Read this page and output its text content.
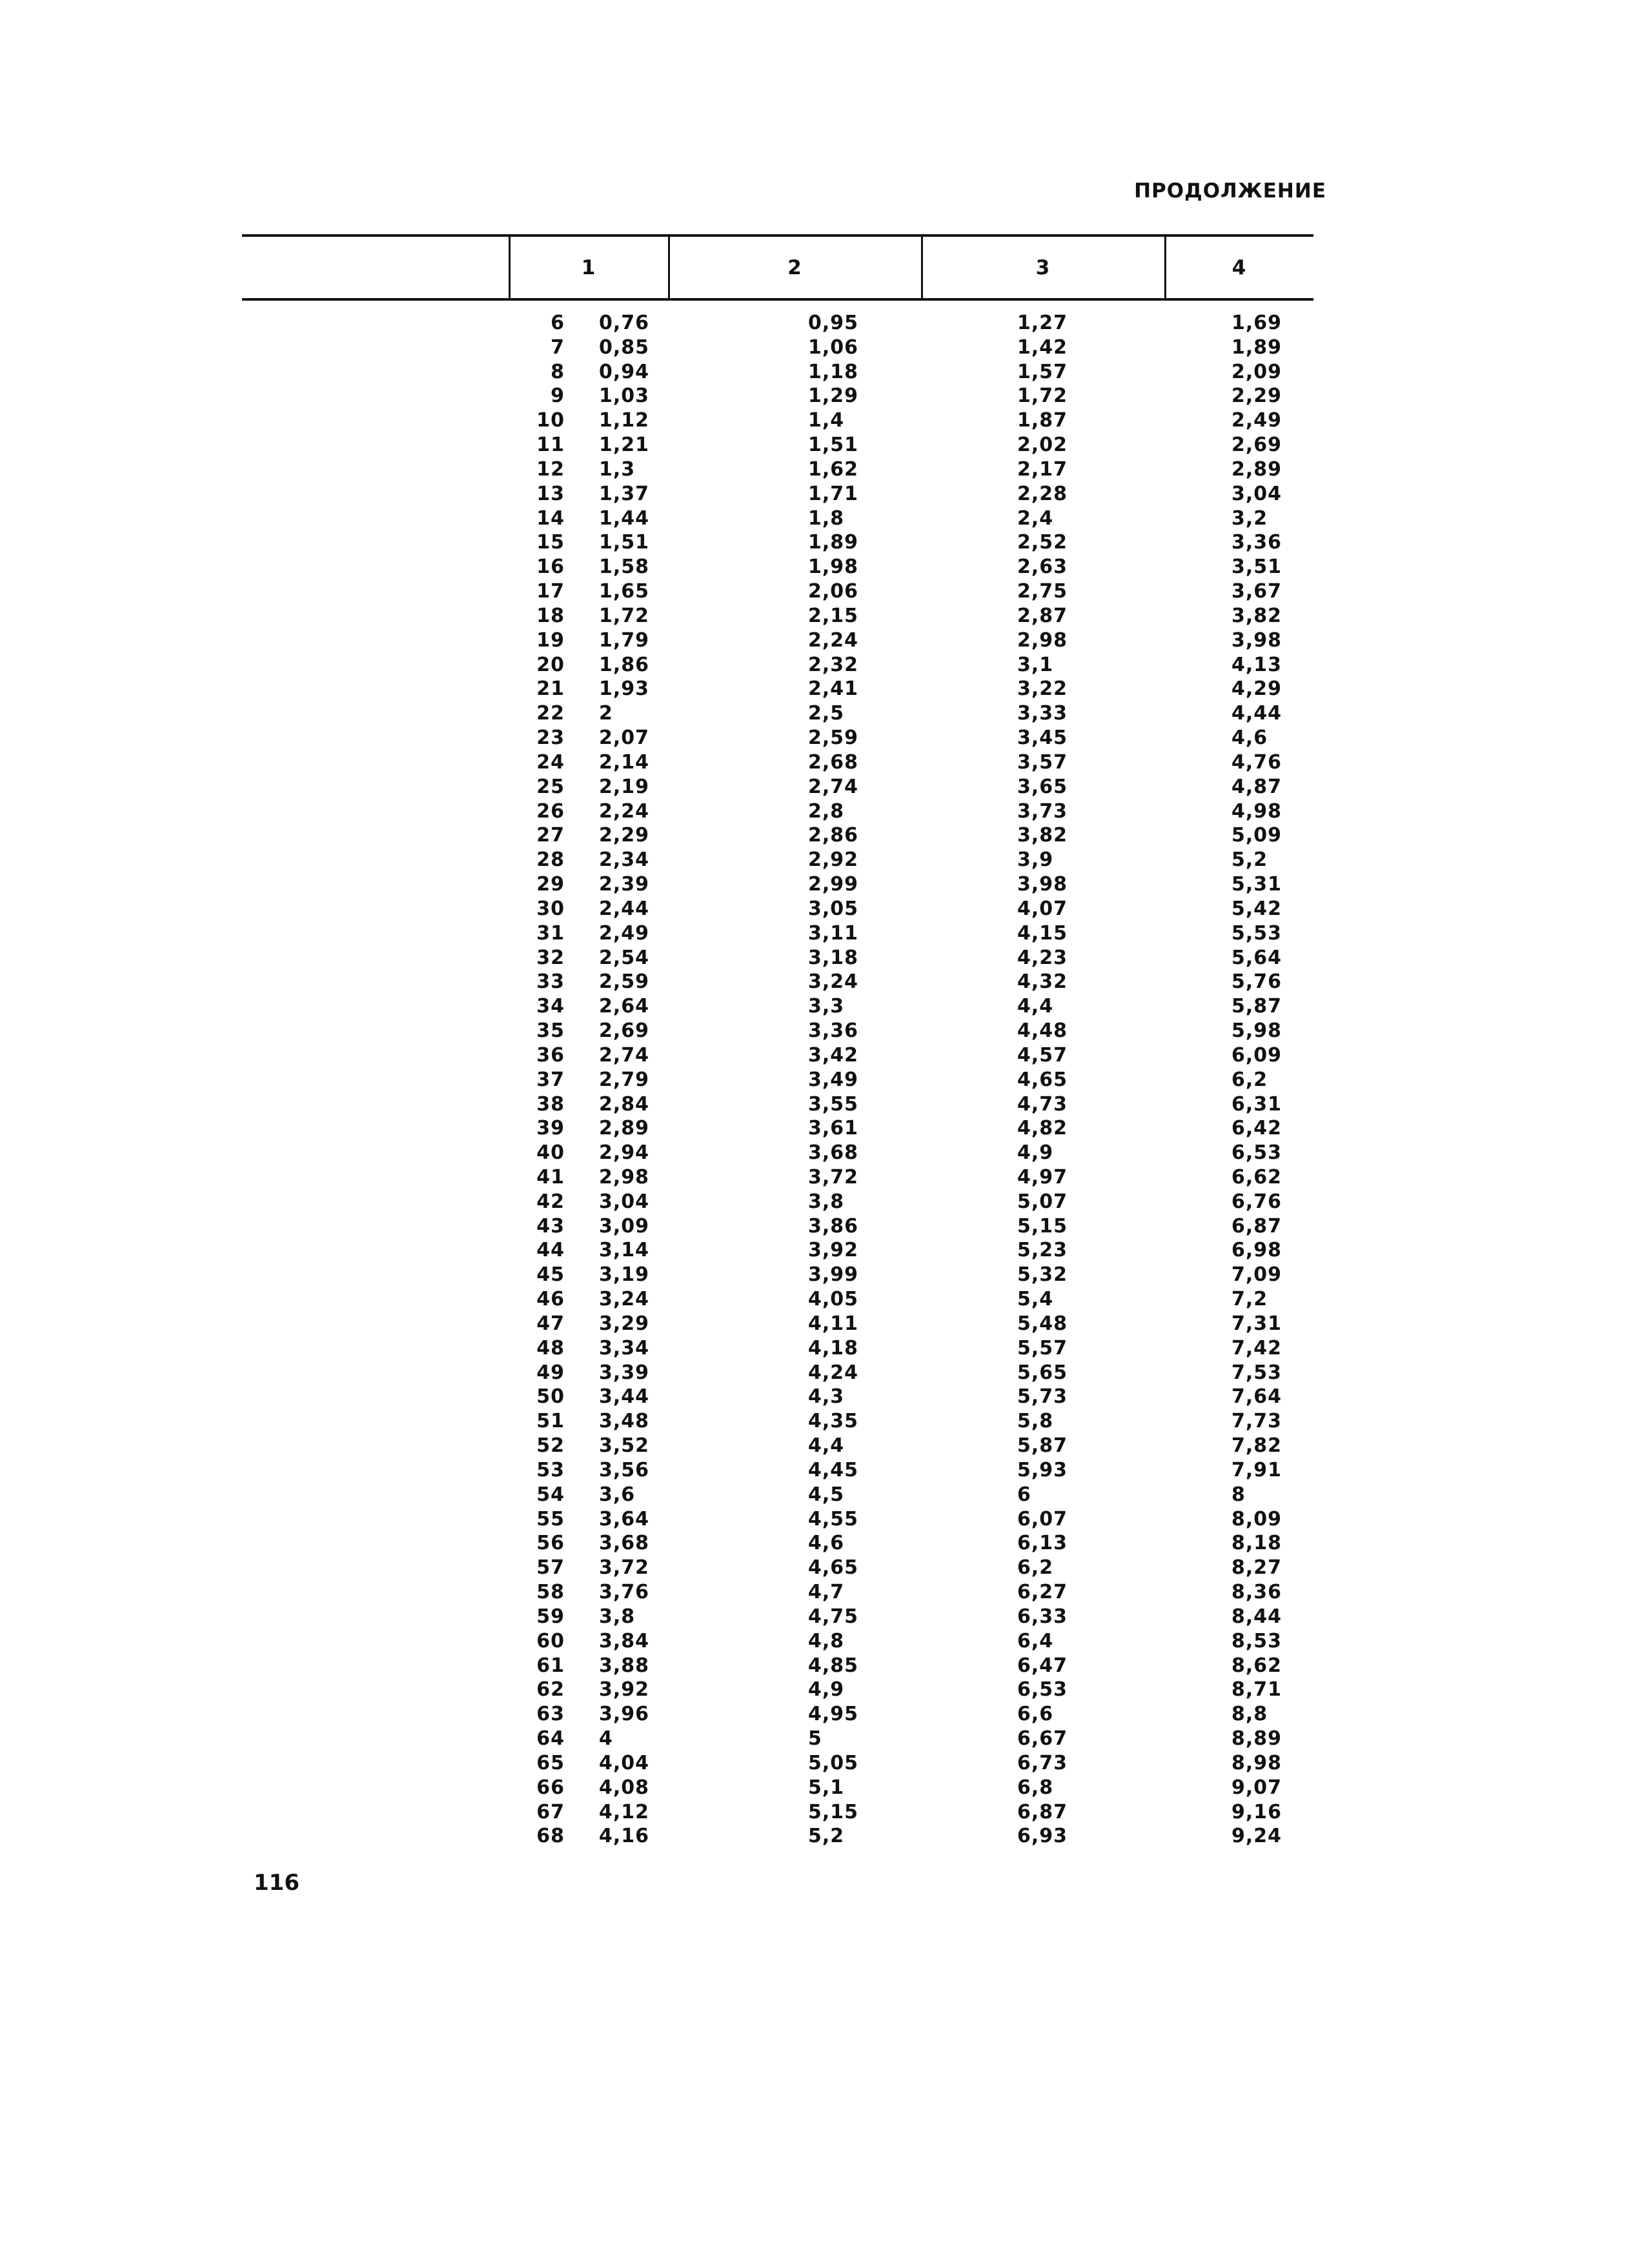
ПРОДОЛЖЕНИЕ
1	2	3	4
6 0,76	0,95	1,27	1,69
7 0,85	1,06	1,42	1,89
8 0,94	1,18	1,57	2,09
9 1,03	1,29	1,72	2,29
10 1,12	1,4	1,87	2,49
11 1,21	1,51	2,02	2,69
12 1,3	1,62	2,17	2,89
13 1,37	1,71	2,28	3,04
14 1,44	1,8	2,4	3,2
15 1,51	1,89	2,52	3,36
16 1,58	1,98	2,63	3,51
17 1,65	2,06	2,75	3,67
18 1,72	2,15	2,87	3,82
19 1,79	2,24	2,98	3,98
20 1,86	2,32	3,1	4,13
21 1,93	2,41	3,22	4,29
22 2	2,5	3,33	4,44
23 2,07	2,59	3,45	4,6
24 2,14	2,68	3,57	4,76
25 2,19	2,74	3,65	4,87
26 2,24	2,8	3,73	4,98
27 2,29	2,86	3,82	5,09
28 2,34	2,92	3,9	5,2
29 2,39	2,99	3,98	5,31
30 2,44	3,05	4,07	5,42
31 2,49	3,11	4,15	5,53
32 2,54	3,18	4,23	5,64
33 2,59	3,24	4,32	5,76
34 2,64	3,3	4,4	5,87
35 2,69	3,36	4,48	5,98
36 2,74	3,42	4,57	6,09
37 2,79	3,49	4,65	6,2
38 2,84	3,55	4,73	6,31
39 2,89	3,61	4,82	6,42
40 2,94	3,68	4,9	6,53
41 2,98	3,72	4,97	6,62
42 3,04	3,8	5,07	6,76
43 3,09	3,86	5,15	6,87
44 3,14	3,92	5,23	6,98
45 3,19	3,99	5,32	7,09
46 3,24	4,05	5,4	7,2
47 3,29	4,11	5,48	7,31
48 3,34	4,18	5,57	7,42
49 3,39	4,24	5,65	7,53
50 3,44	4,3	5,73	7,64
51 3,48	4,35	5,8	7,73
52 3,52	4,4	5,87	7,82
53 3,56	4,45	5,93	7,91
54 3,6	4,5	6	8
55 3,64	4,55	6,07	8,09
56 3,68	4,6	6,13	8,18
57 3,72	4,65	6,2	8,27
58 3,76	4,7	6,27	8,36
59 3,8	4,75	6,33	8,44
60 3,84	4,8	6,4	8,53
61 3,88	4,85	6,47	8,62
62 3,92	4,9	6,53	8,71
63 3,96	4,95	6,6	8,8
64 4	5	6,67	8,89
65 4,04	5,05	6,73	8,98
66 4,08	5,1	6,8	9,07
67 4,12	5,15	6,87	9,16
68 4,16	5,2	6,93	9,24
116
